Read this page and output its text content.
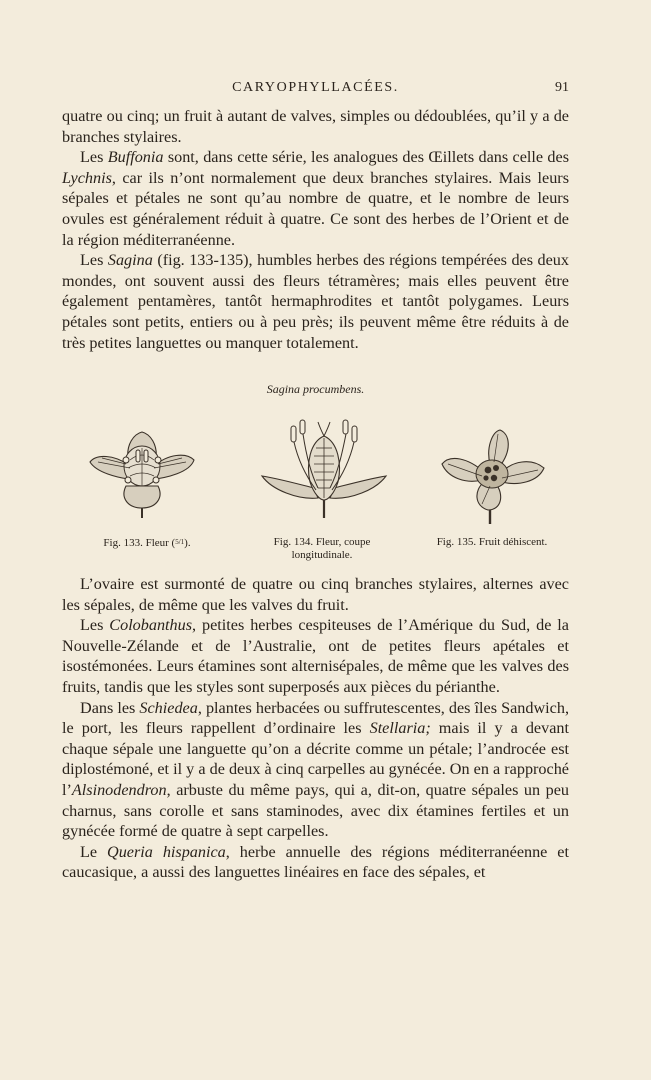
CARYOPHYLLACÉES.	91

quatre ou cinq; un fruit à autant de valves, simples ou dédoublées, qu’il y a de branches stylaires.

Les Buffonia sont, dans cette série, les analogues des Œillets dans celle des Lychnis, car ils n’ont normalement que deux branches stylaires. Mais leurs sépales et pétales ne sont qu’au nombre de quatre, et le nombre de leurs ovules est généralement réduit à quatre. Ce sont des herbes de l’Orient et de la région méditerranéenne.

Les Sagina (fig. 133-135), humbles herbes des régions tempérées des deux mondes, ont souvent aussi des fleurs tétramères; mais elles peuvent être également pentamères, tantôt hermaphrodites et tantôt polygames. Leurs pétales sont petits, entiers ou à peu près; ils peuvent même être réduits à de très petites languettes ou manquer totalement.

Sagina procumbens.
Fig. 133. Fleur ($^{5/1}$).	Fig. 134. Fleur, coupe longitudinale.
Fig. 135. Fruit déhiscent.

L’ovaire est surmonté de quatre ou cinq branches stylaires, alternes avec les sépales, de même que les valves du fruit.

Les Colobanthus, petites herbes cespiteuses de l’Amérique du Sud, de la Nouvelle-Zélande et de l’Australie, ont de petites fleurs apétales et isostémonées. Leurs étamines sont alternisépales, de même que les valves des fruits, tandis que les styles sont superposés aux pièces du périanthe.

Dans les Schiedea, plantes herbacées ou suffrutescentes, des îles Sandwich, le port, les fleurs rappellent d’ordinaire les Stellaria; mais il y a devant chaque sépale une languette qu’on a décrite comme un pétale; l’androcée est diplostémoné, et il y a de deux à cinq carpelles au gynécée. On en a rapproché l’Alsinodendron, arbuste du même pays, qui a, dit-on, quatre sépales un peu charnus, sans corolle et sans staminodes, avec dix étamines fertiles et un gynécée formé de quatre à sept carpelles.

Le Queria hispanica, herbe annuelle des régions méditerranéenne et caucasique, a aussi des languettes linéaires en face des sépales, et
